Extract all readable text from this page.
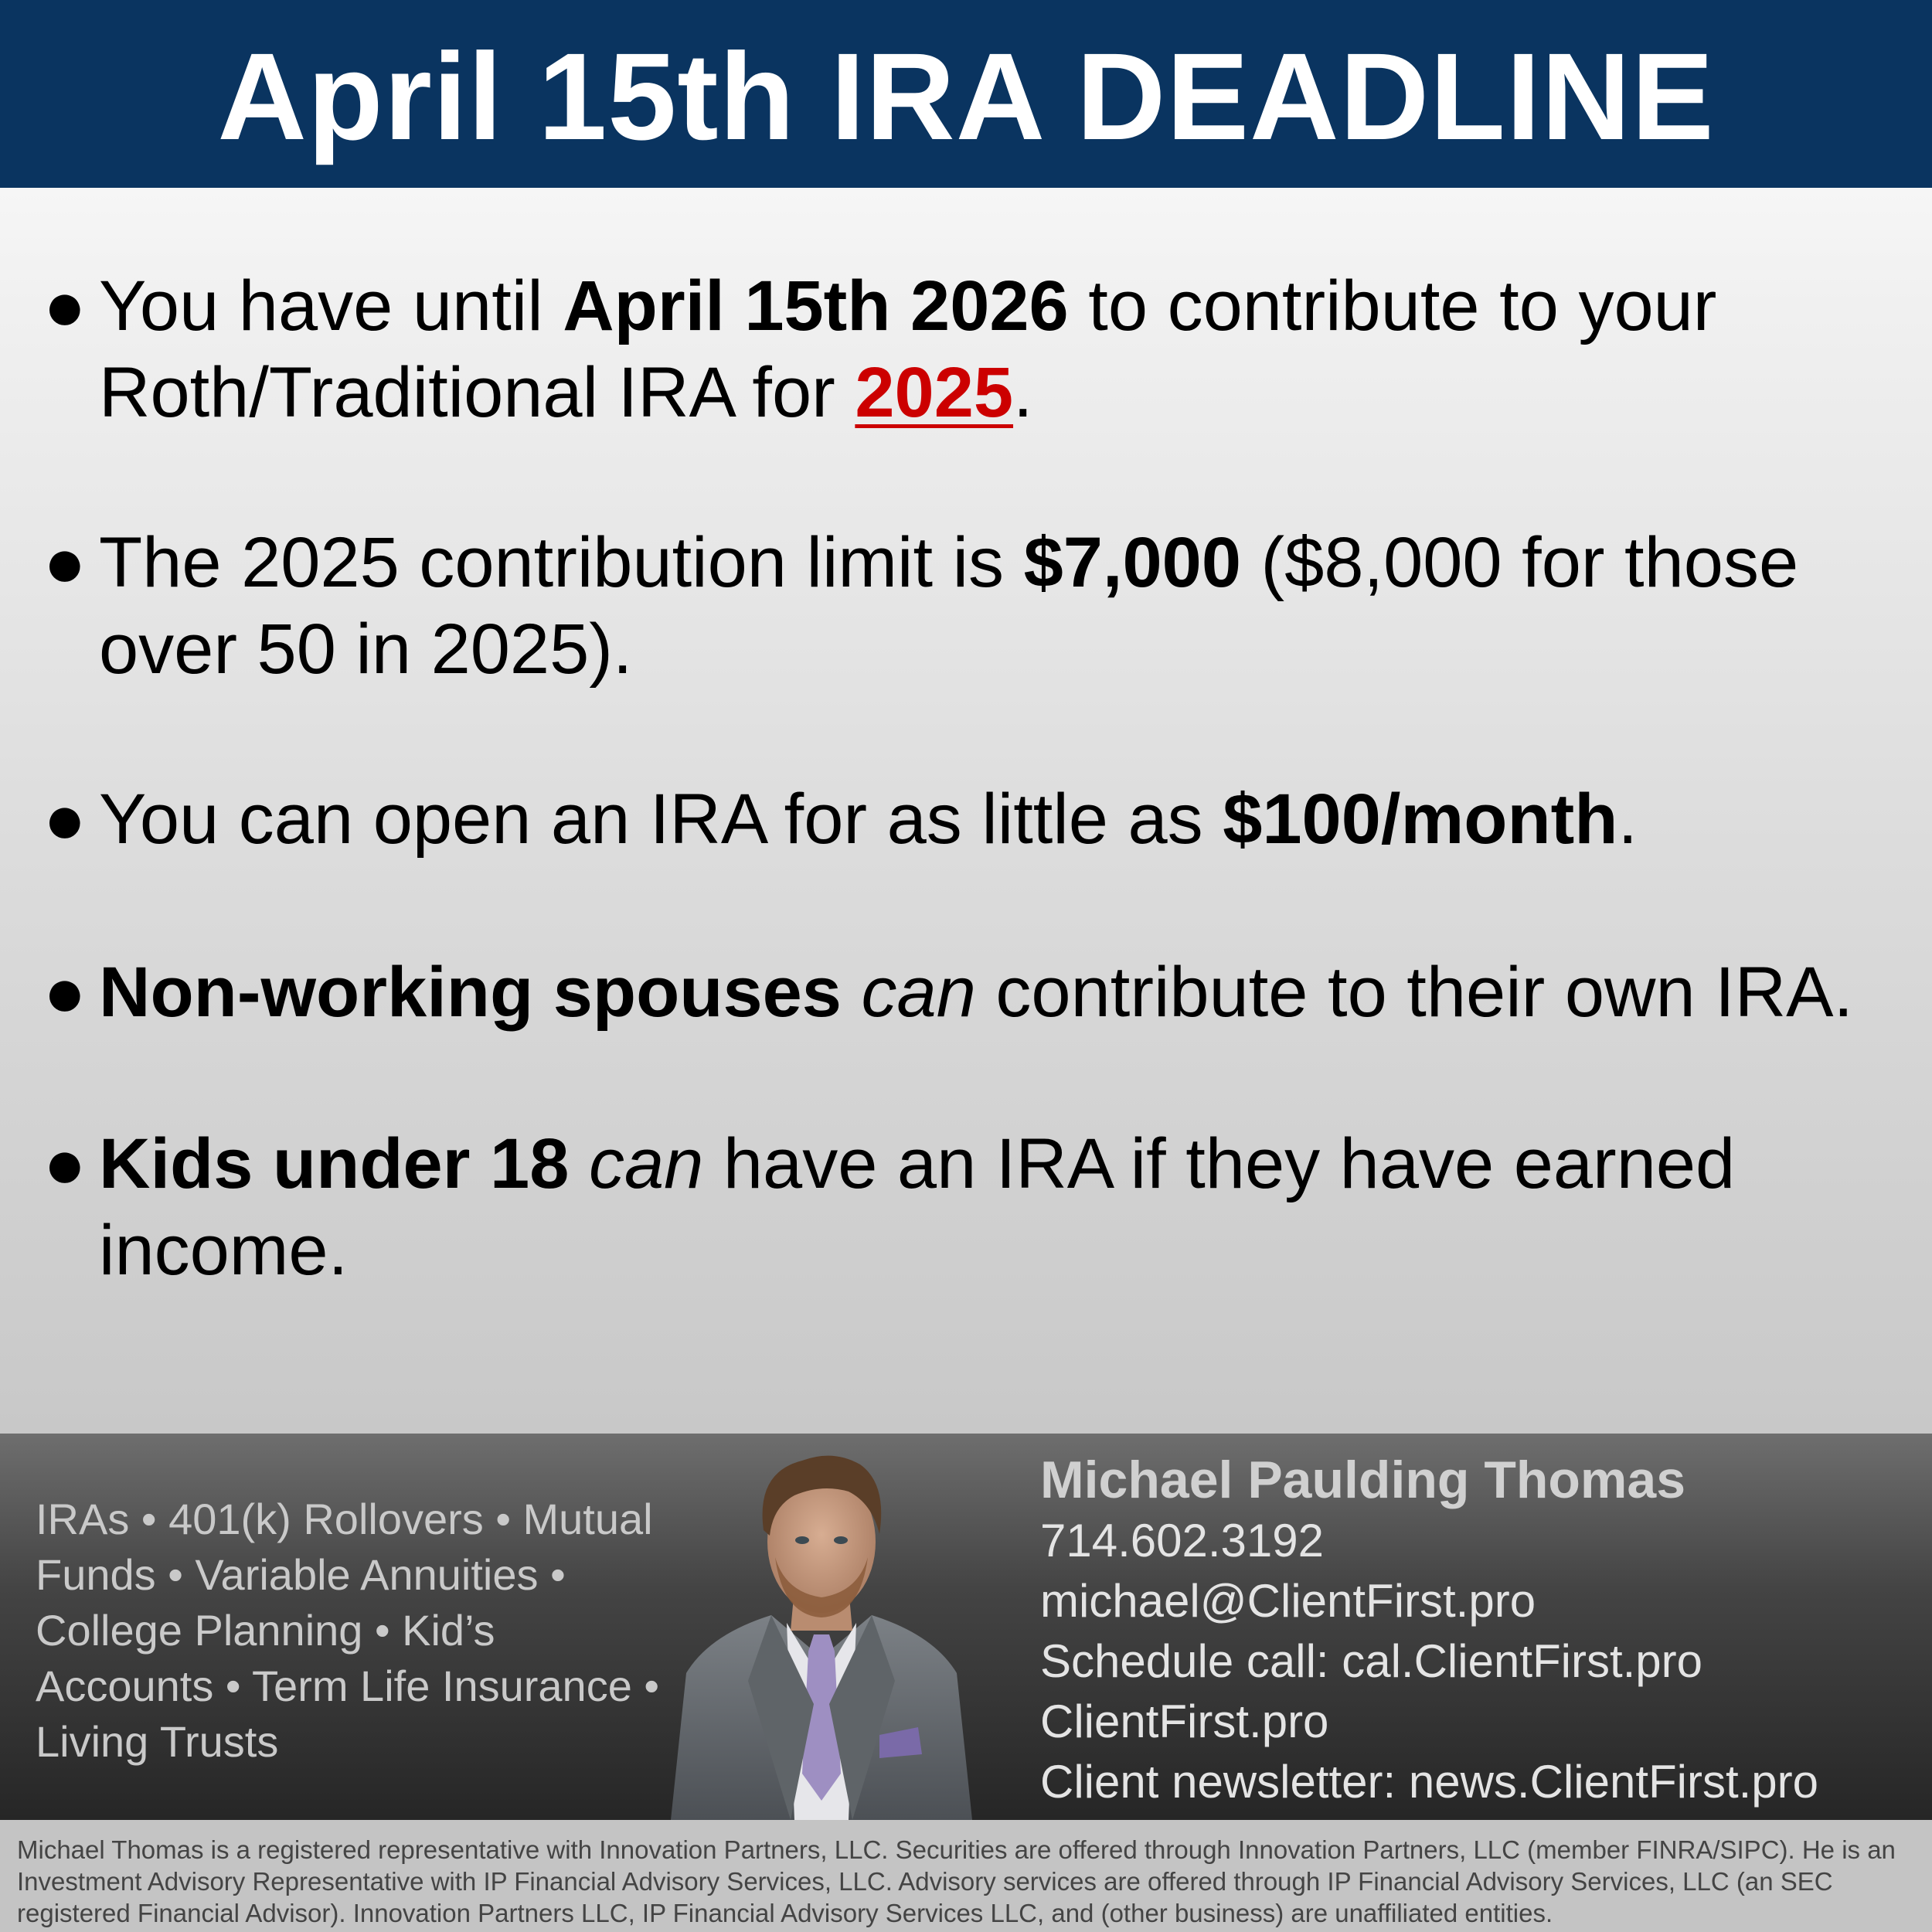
April 15th IRA DEADLINE
● You have until April 15th 2026 to contribute to your Roth/Traditional IRA for 2025.
● The 2025 contribution limit is $7,000 ($8,000 for those over 50 in 2025).
● You can open an IRA for as little as $100/month.
● Non-working spouses can contribute to their own IRA.
● Kids under 18 can have an IRA if they have earned income.
IRAs • 401(k) Rollovers • Mutual Funds • Variable Annuities • College Planning • Kid’s Accounts • Term Life Insurance • Living Trusts
Michael Paulding Thomas
714.602.3192
michael@ClientFirst.pro
Schedule call: cal.ClientFirst.pro
ClientFirst.pro
Client newsletter: news.ClientFirst.pro
Michael Thomas is a registered representative with Innovation Partners, LLC. Securities are offered through Innovation Partners, LLC (member FINRA/SIPC). He is an Investment Advisory Representative with IP Financial Advisory Services, LLC. Advisory services are offered through IP Financial Advisory Services, LLC (an SEC registered Financial Advisor). Innovation Partners LLC, IP Financial Advisory Services LLC, and (other business) are unaffiliated entities.
